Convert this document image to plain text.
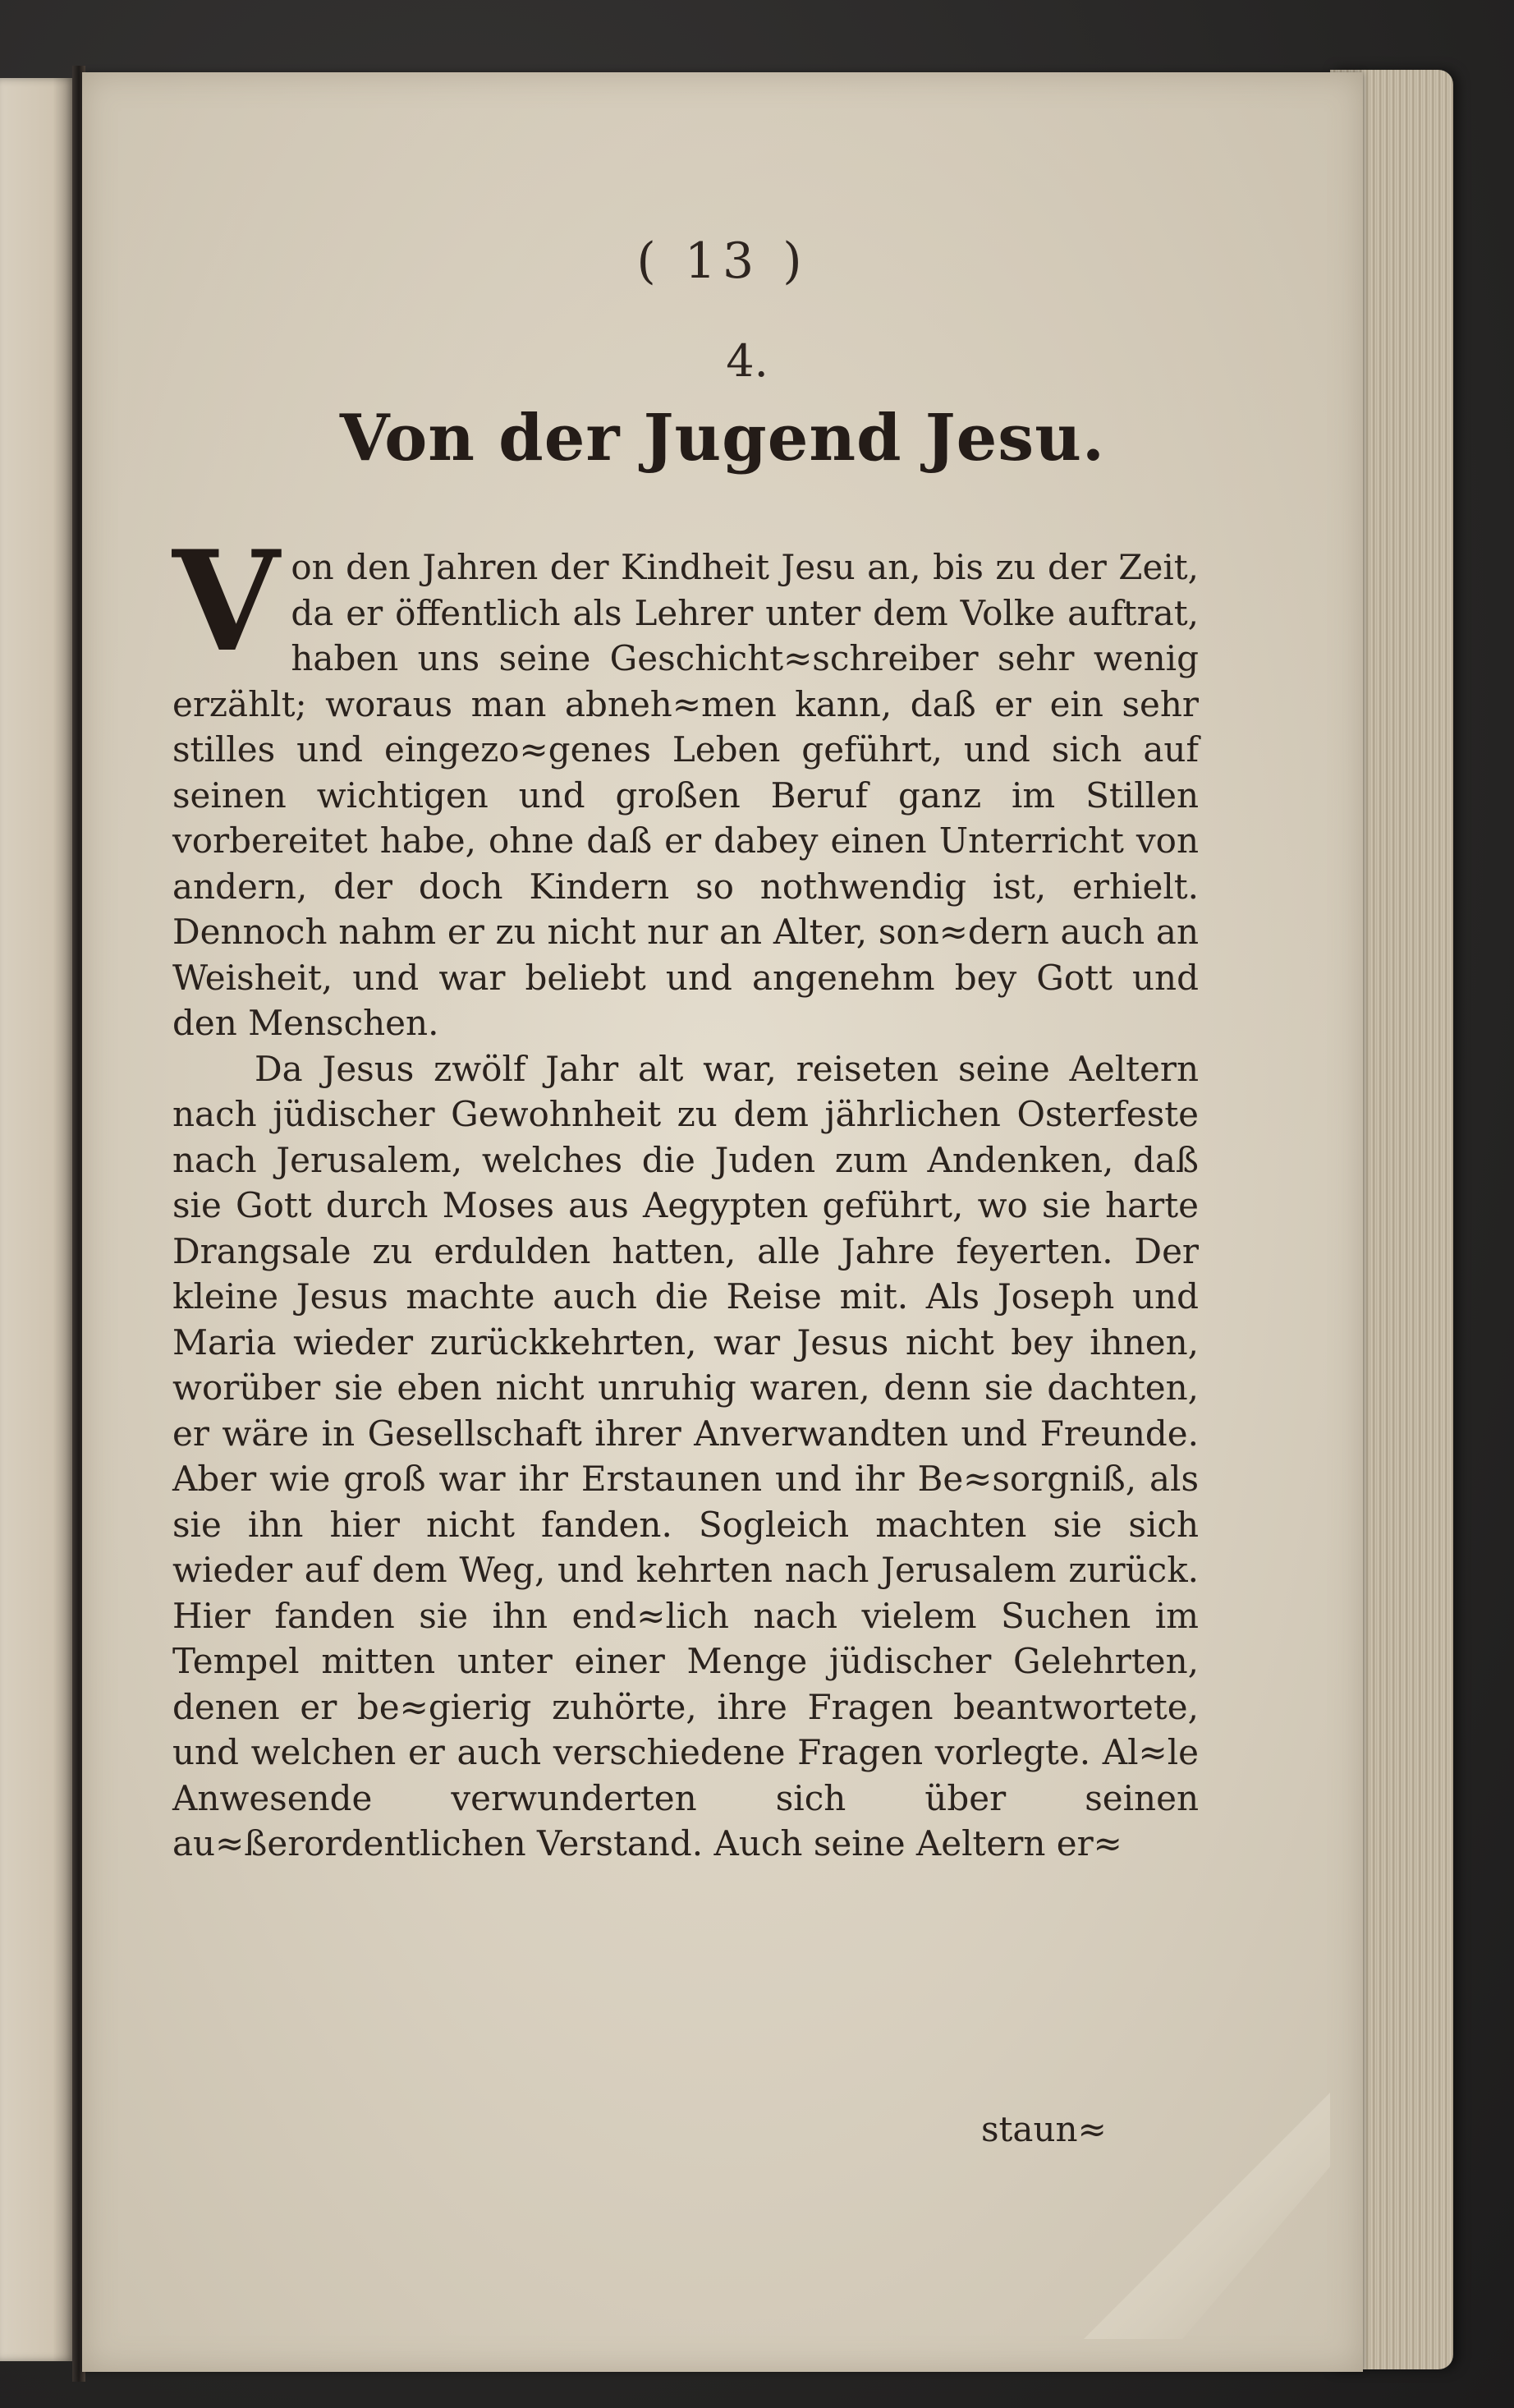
( 13 )
4.
Von der Jugend Jesu.

Von den Jahren der Kindheit Jesu an, bis zu der Zeit, da er öffentlich als Lehrer unter dem Volke auftrat, haben uns seine Geschicht≈schreiber sehr wenig erzählt; woraus man abneh≈men kann, daß er ein sehr stilles und eingezo≈genes Leben geführt, und sich auf seinen wichtigen und großen Beruf ganz im Stillen vorbereitet habe, ohne daß er dabey einen Unterricht von andern, der doch Kindern so nothwendig ist, erhielt. Dennoch nahm er zu nicht nur an Alter, son≈dern auch an Weisheit, und war beliebt und angenehm bey Gott und den Menschen.

Da Jesus zwölf Jahr alt war, reiseten seine Aeltern nach jüdischer Gewohnheit zu dem jährlichen Osterfeste nach Jerusalem, welches die Juden zum Andenken, daß sie Gott durch Moses aus Aegypten geführt, wo sie harte Drangsale zu erdulden hatten, alle Jahre feyerten. Der kleine Jesus machte auch die Reise mit. Als Joseph und Maria wieder zurückkehrten, war Jesus nicht bey ihnen, worüber sie eben nicht unruhig waren, denn sie dachten, er wäre in Gesellschaft ihrer Anverwandten und Freunde. Aber wie groß war ihr Erstaunen und ihr Be≈sorgniß, als sie ihn hier nicht fanden. Sogleich machten sie sich wieder auf dem Weg, und kehrten nach Jerusalem zurück. Hier fanden sie ihn end≈lich nach vielem Suchen im Tempel mitten unter einer Menge jüdischer Gelehrten, denen er be≈gierig zuhörte, ihre Fragen beantwortete, und welchen er auch verschiedene Fragen vorlegte. Al≈le Anwesende verwunderten sich über seinen au≈ßerordentlichen Verstand. Auch seine Aeltern er≈

staun≈
